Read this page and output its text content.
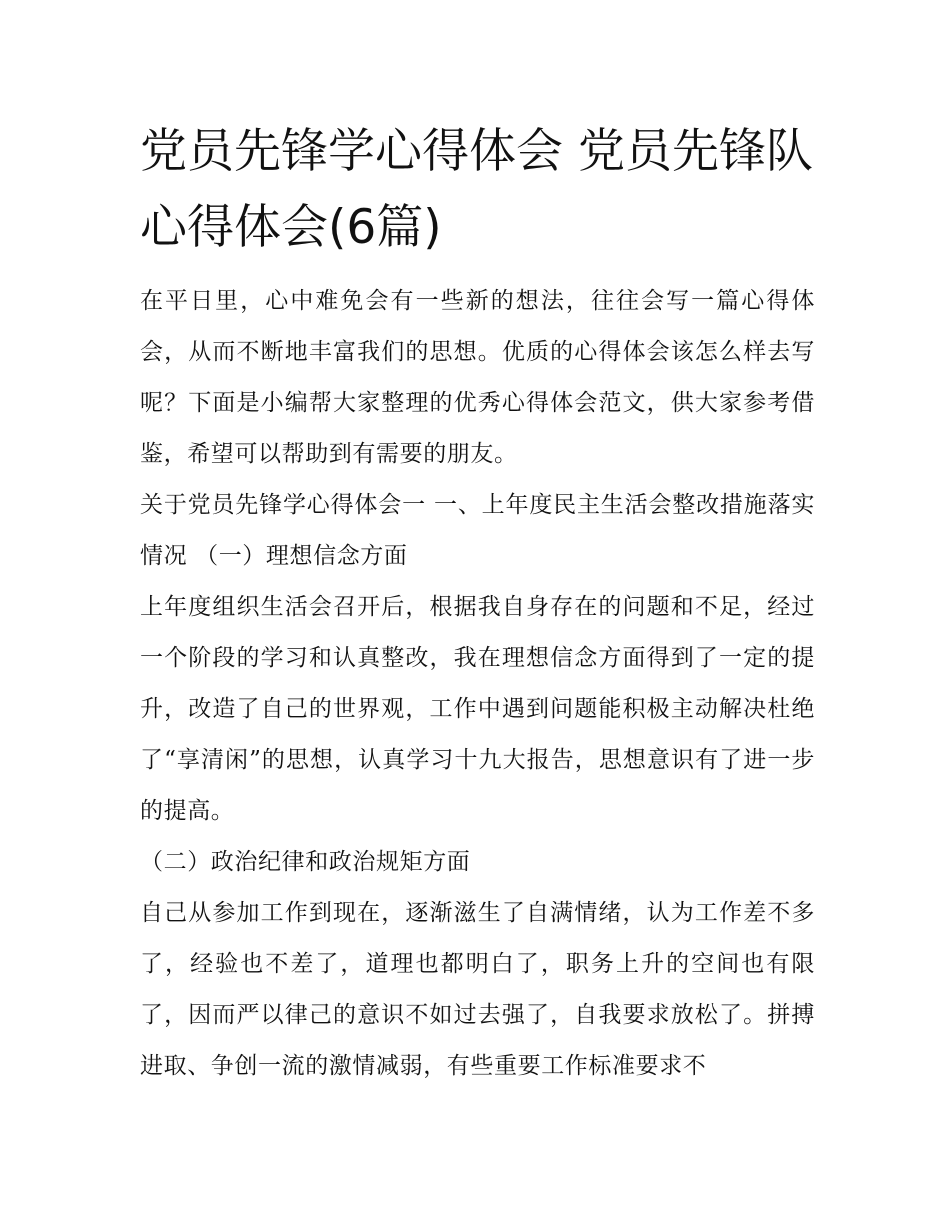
党员先锋学心得体会 党员先锋队心得体会(6篇)

在平日里，心中难免会有一些新的想法，往往会写一篇心得体会，从而不断地丰富我们的思想。优质的心得体会该怎么样去写呢？下面是小编帮大家整理的优秀心得体会范文，供大家参考借鉴，希望可以帮助到有需要的朋友。

关于党员先锋学心得体会一 一、上年度民主生活会整改措施落实情况 （一）理想信念方面

上年度组织生活会召开后，根据我自身存在的问题和不足，经过一个阶段的学习和认真整改，我在理想信念方面得到了一定的提升，改造了自己的世界观，工作中遇到问题能积极主动解决杜绝了“享清闲”的思想，认真学习十九大报告，思想意识有了进一步的提高。

（二）政治纪律和政治规矩方面

自己从参加工作到现在，逐渐滋生了自满情绪，认为工作差不多了，经验也不差了，道理也都明白了，职务上升的空间也有限了，因而严以律己的意识不如过去强了，自我要求放松了。拼搏进取、争创一流的激情减弱，有些重要工作标准要求不
